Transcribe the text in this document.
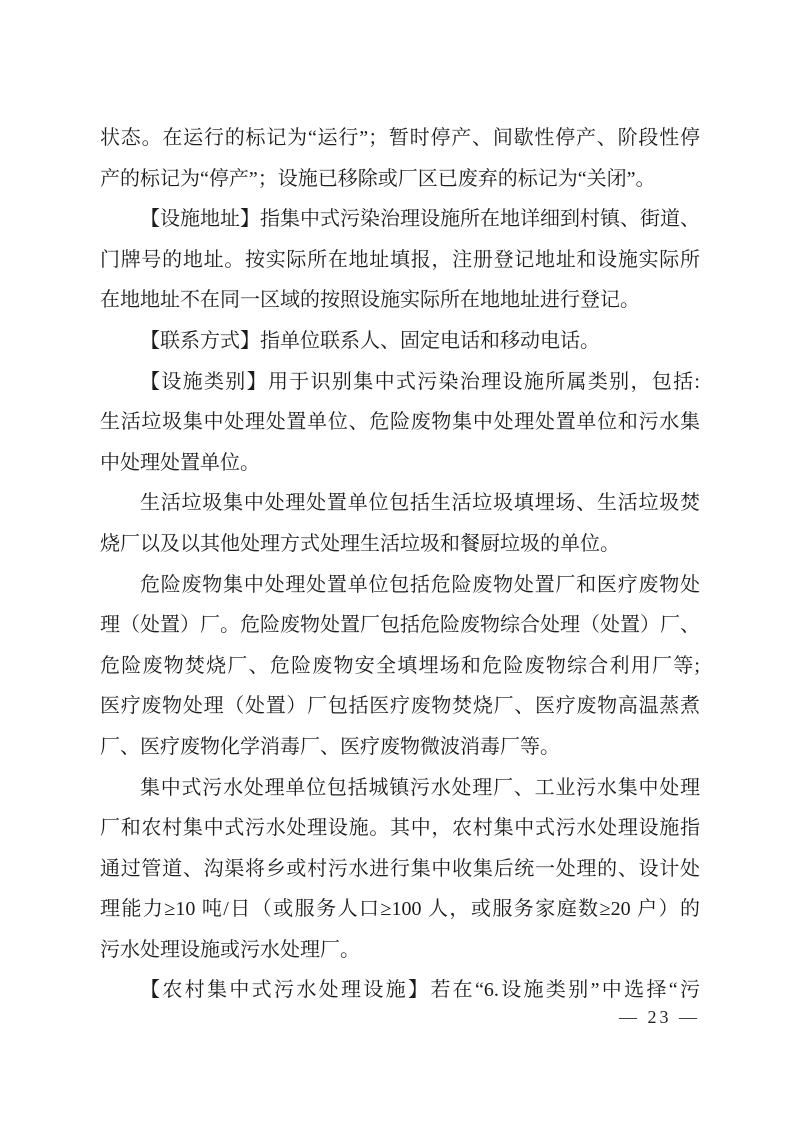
状态。在运行的标记为“运行”；暂时停产、间歇性停产、阶段性停
产的标记为“停产”；设施已移除或厂区已废弃的标记为“关闭”。
【设施地址】指集中式污染治理设施所在地详细到村镇、街道、
门牌号的地址。按实际所在地址填报，注册登记地址和设施实际所
在地地址不在同一区域的按照设施实际所在地地址进行登记。
【联系方式】指单位联系人、固定电话和移动电话。
【设施类别】用于识别集中式污染治理设施所属类别，包括:
生活垃圾集中处理处置单位、危险废物集中处理处置单位和污水集
中处理处置单位。
生活垃圾集中处理处置单位包括生活垃圾填埋场、生活垃圾焚
烧厂以及以其他处理方式处理生活垃圾和餐厨垃圾的单位。
危险废物集中处理处置单位包括危险废物处置厂和医疗废物处
理（处置）厂。危险废物处置厂包括危险废物综合处理（处置）厂、
危险废物焚烧厂、危险废物安全填埋场和危险废物综合利用厂等;
医疗废物处理（处置）厂包括医疗废物焚烧厂、医疗废物高温蒸煮
厂、医疗废物化学消毒厂、医疗废物微波消毒厂等。
集中式污水处理单位包括城镇污水处理厂、工业污水集中处理
厂和农村集中式污水处理设施。其中，农村集中式污水处理设施指
通过管道、沟渠将乡或村污水进行集中收集后统一处理的、设计处
理能力≥10 吨/日（或服务人口≥100 人，或服务家庭数≥20 户）的
污水处理设施或污水处理厂。
【农村集中式污水处理设施】若在“6.设施类别”中选择“污
— 23 —
